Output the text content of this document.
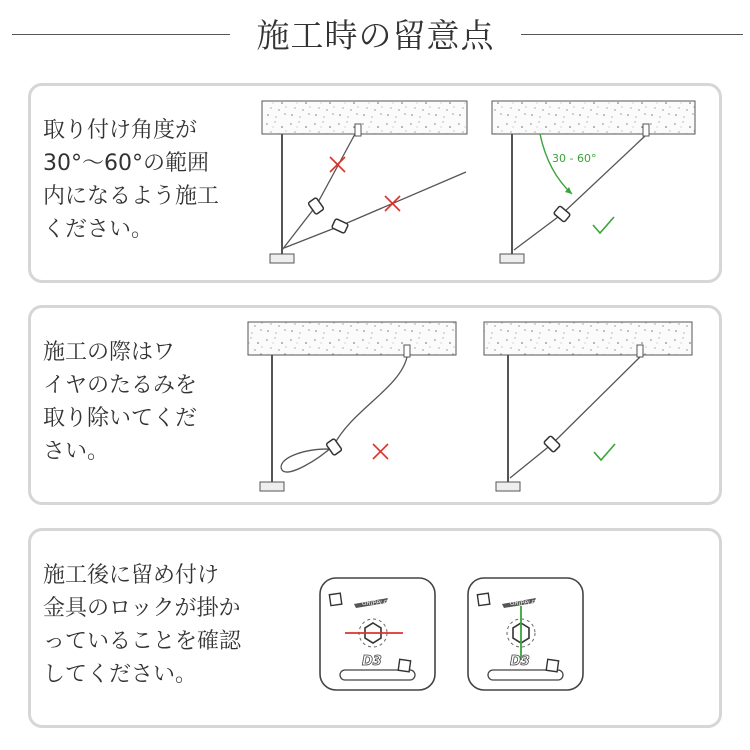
施工時の留意点
取り付け角度が
30°〜60°の範囲
内になるよう施工
ください。
施工の際はワ
イヤのたるみを
取り除いてくだ
さい。
施工後に留め付け
金具のロックが掛か
っていることを確認
してください。
30 - 60°
GRIPPLE
D3
GRIPPLE
D3
